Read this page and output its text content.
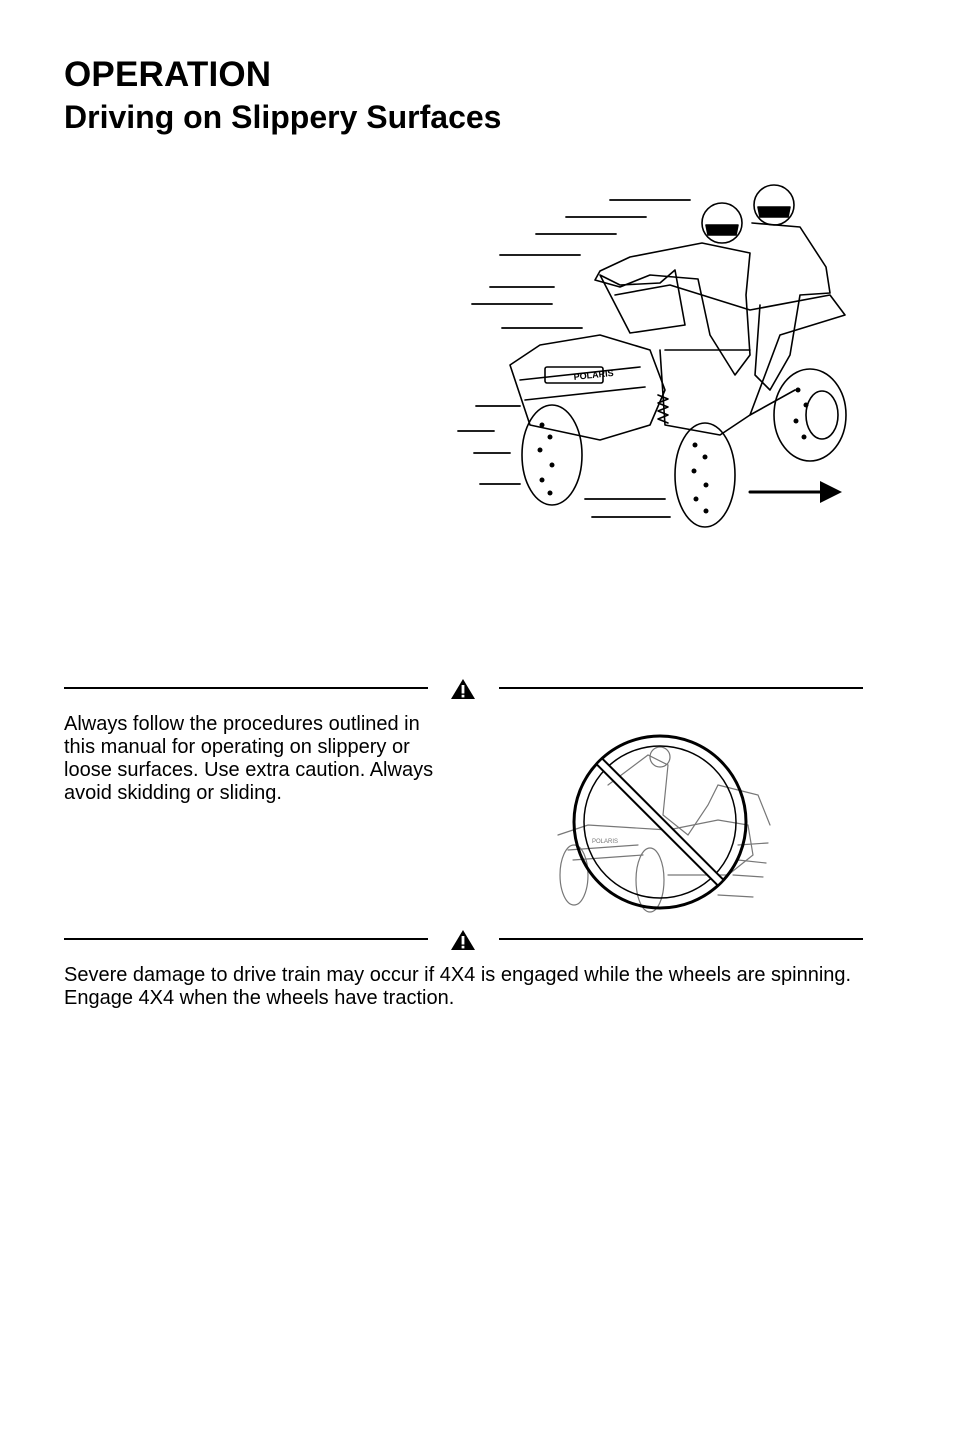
OPERATION
Driving on Slippery Surfaces
POLARIS

Always follow the procedures outlined in this manual for operating on slippery or loose surfaces. Use extra caution. Always avoid skidding or sliding.

POLARIS

Severe damage to drive train may occur if 4X4 is engaged while the wheels are spinning. Engage 4X4 when the wheels have traction.
